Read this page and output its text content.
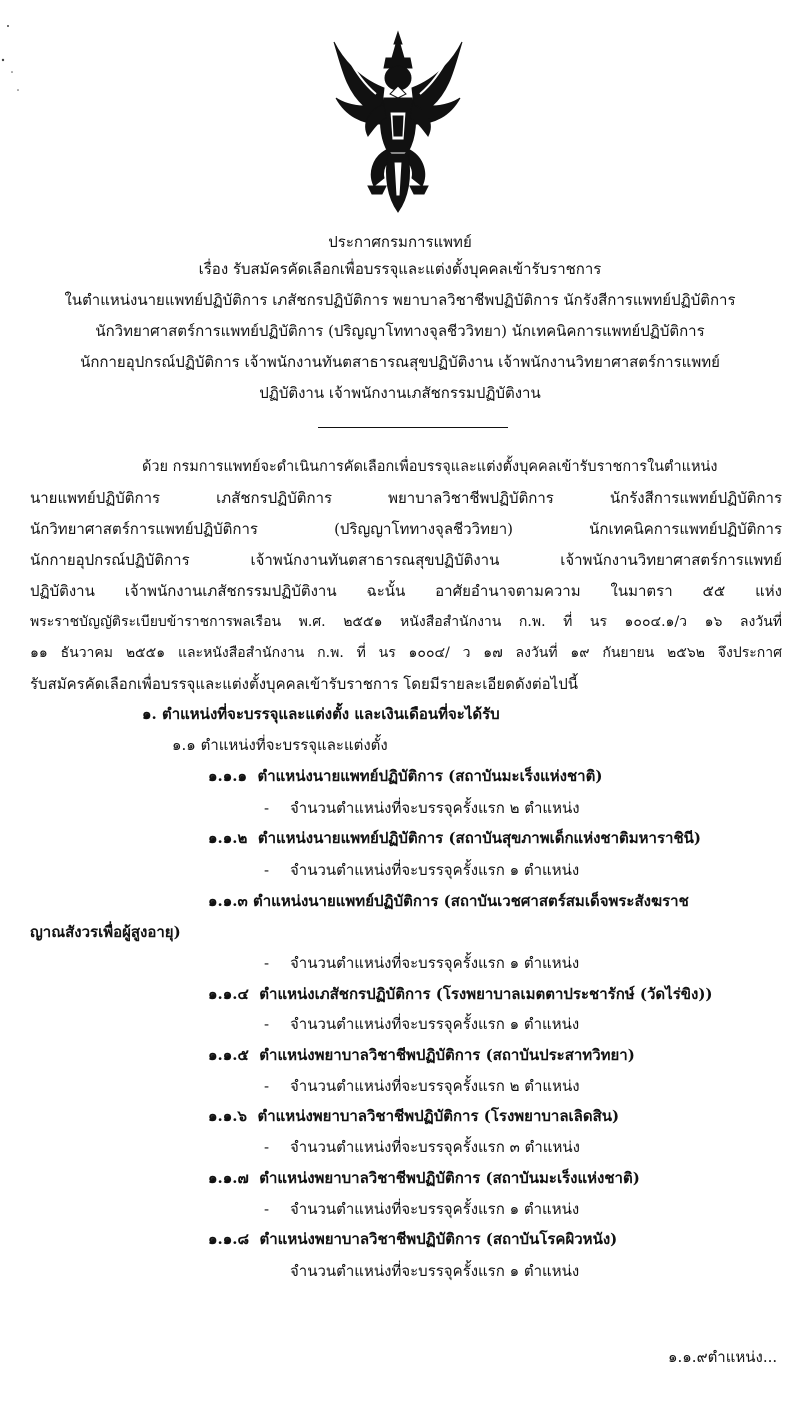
ประกาศกรมการแพทย์
เรื่อง รับสมัครคัดเลือกเพื่อบรรจุและแต่งตั้งบุคคลเข้ารับราชการ
ในตำแหน่งนายแพทย์ปฏิบัติการ เภสัชกรปฏิบัติการ พยาบาลวิชาชีพปฏิบัติการ นักรังสีการแพทย์ปฏิบัติการ
นักวิทยาศาสตร์การแพทย์ปฏิบัติการ (ปริญญาโททางจุลชีววิทยา) นักเทคนิคการแพทย์ปฏิบัติการ
นักกายอุปกรณ์ปฏิบัติการ เจ้าพนักงานทันตสาธารณสุขปฏิบัติงาน เจ้าพนักงานวิทยาศาสตร์การแพทย์
ปฏิบัติงาน เจ้าพนักงานเภสัชกรรมปฏิบัติงาน
ด้วย กรมการแพทย์จะดำเนินการคัดเลือกเพื่อบรรจุและแต่งตั้งบุคคลเข้ารับราชการในตำแหน่ง
นายแพทย์ปฏิบัติการ เภสัชกรปฏิบัติการ พยาบาลวิชาชีพปฏิบัติการ นักรังสีการแพทย์ปฏิบัติการ
นักวิทยาศาสตร์การแพทย์ปฏิบัติการ (ปริญญาโททางจุลชีววิทยา) นักเทคนิคการแพทย์ปฏิบัติการ
นักกายอุปกรณ์ปฏิบัติการ เจ้าพนักงานทันตสาธารณสุขปฏิบัติงาน เจ้าพนักงานวิทยาศาสตร์การแพทย์
ปฏิบัติงาน เจ้าพนักงานเภสัชกรรมปฏิบัติงาน ฉะนั้น อาศัยอำนาจตามความ ในมาตรา ๕๕ แห่ง
พระราชบัญญัติระเบียบข้าราชการพลเรือน พ.ศ. ๒๕๕๑ หนังสือสำนักงาน ก.พ. ที่ นร ๑๐๐๔.๑/ว ๑๖ ลงวันที่
๑๑ ธันวาคม ๒๕๕๑ และหนังสือสำนักงาน ก.พ. ที่ นร ๑๐๐๔/ ว ๑๗ ลงวันที่ ๑๙ กันยายน ๒๕๖๒ จึงประกาศ
รับสมัครคัดเลือกเพื่อบรรจุและแต่งตั้งบุคคลเข้ารับราชการ โดยมีรายละเอียดดังต่อไปนี้
๑. ตำแหน่งที่จะบรรจุและแต่งตั้ง และเงินเดือนที่จะได้รับ
๑.๑ ตำแหน่งที่จะบรรจุและแต่งตั้ง
๑.๑.๑ ตำแหน่งนายแพทย์ปฏิบัติการ (สถาบันมะเร็งแห่งชาติ)
- จำนวนตำแหน่งที่จะบรรจุครั้งแรก ๒ ตำแหน่ง
๑.๑.๒ ตำแหน่งนายแพทย์ปฏิบัติการ (สถาบันสุขภาพเด็กแห่งชาติมหาราชินี)
- จำนวนตำแหน่งที่จะบรรจุครั้งแรก ๑ ตำแหน่ง
๑.๑.๓ ตำแหน่งนายแพทย์ปฏิบัติการ (สถาบันเวชศาสตร์สมเด็จพระสังฆราช
ญาณสังวรเพื่อผู้สูงอายุ)
- จำนวนตำแหน่งที่จะบรรจุครั้งแรก ๑ ตำแหน่ง
๑.๑.๔ ตำแหน่งเภสัชกรปฏิบัติการ (โรงพยาบาลเมตตาประชารักษ์ (วัดไร่ขิง))
- จำนวนตำแหน่งที่จะบรรจุครั้งแรก ๑ ตำแหน่ง
๑.๑.๕ ตำแหน่งพยาบาลวิชาชีพปฏิบัติการ (สถาบันประสาทวิทยา)
- จำนวนตำแหน่งที่จะบรรจุครั้งแรก ๒ ตำแหน่ง
๑.๑.๖ ตำแหน่งพยาบาลวิชาชีพปฏิบัติการ (โรงพยาบาลเลิดสิน)
- จำนวนตำแหน่งที่จะบรรจุครั้งแรก ๓ ตำแหน่ง
๑.๑.๗ ตำแหน่งพยาบาลวิชาชีพปฏิบัติการ (สถาบันมะเร็งแห่งชาติ)
- จำนวนตำแหน่งที่จะบรรจุครั้งแรก ๑ ตำแหน่ง
๑.๑.๘ ตำแหน่งพยาบาลวิชาชีพปฏิบัติการ (สถาบันโรคผิวหนัง)
จำนวนตำแหน่งที่จะบรรจุครั้งแรก ๑ ตำแหน่ง
๑.๑.๙ตำแหน่ง...
